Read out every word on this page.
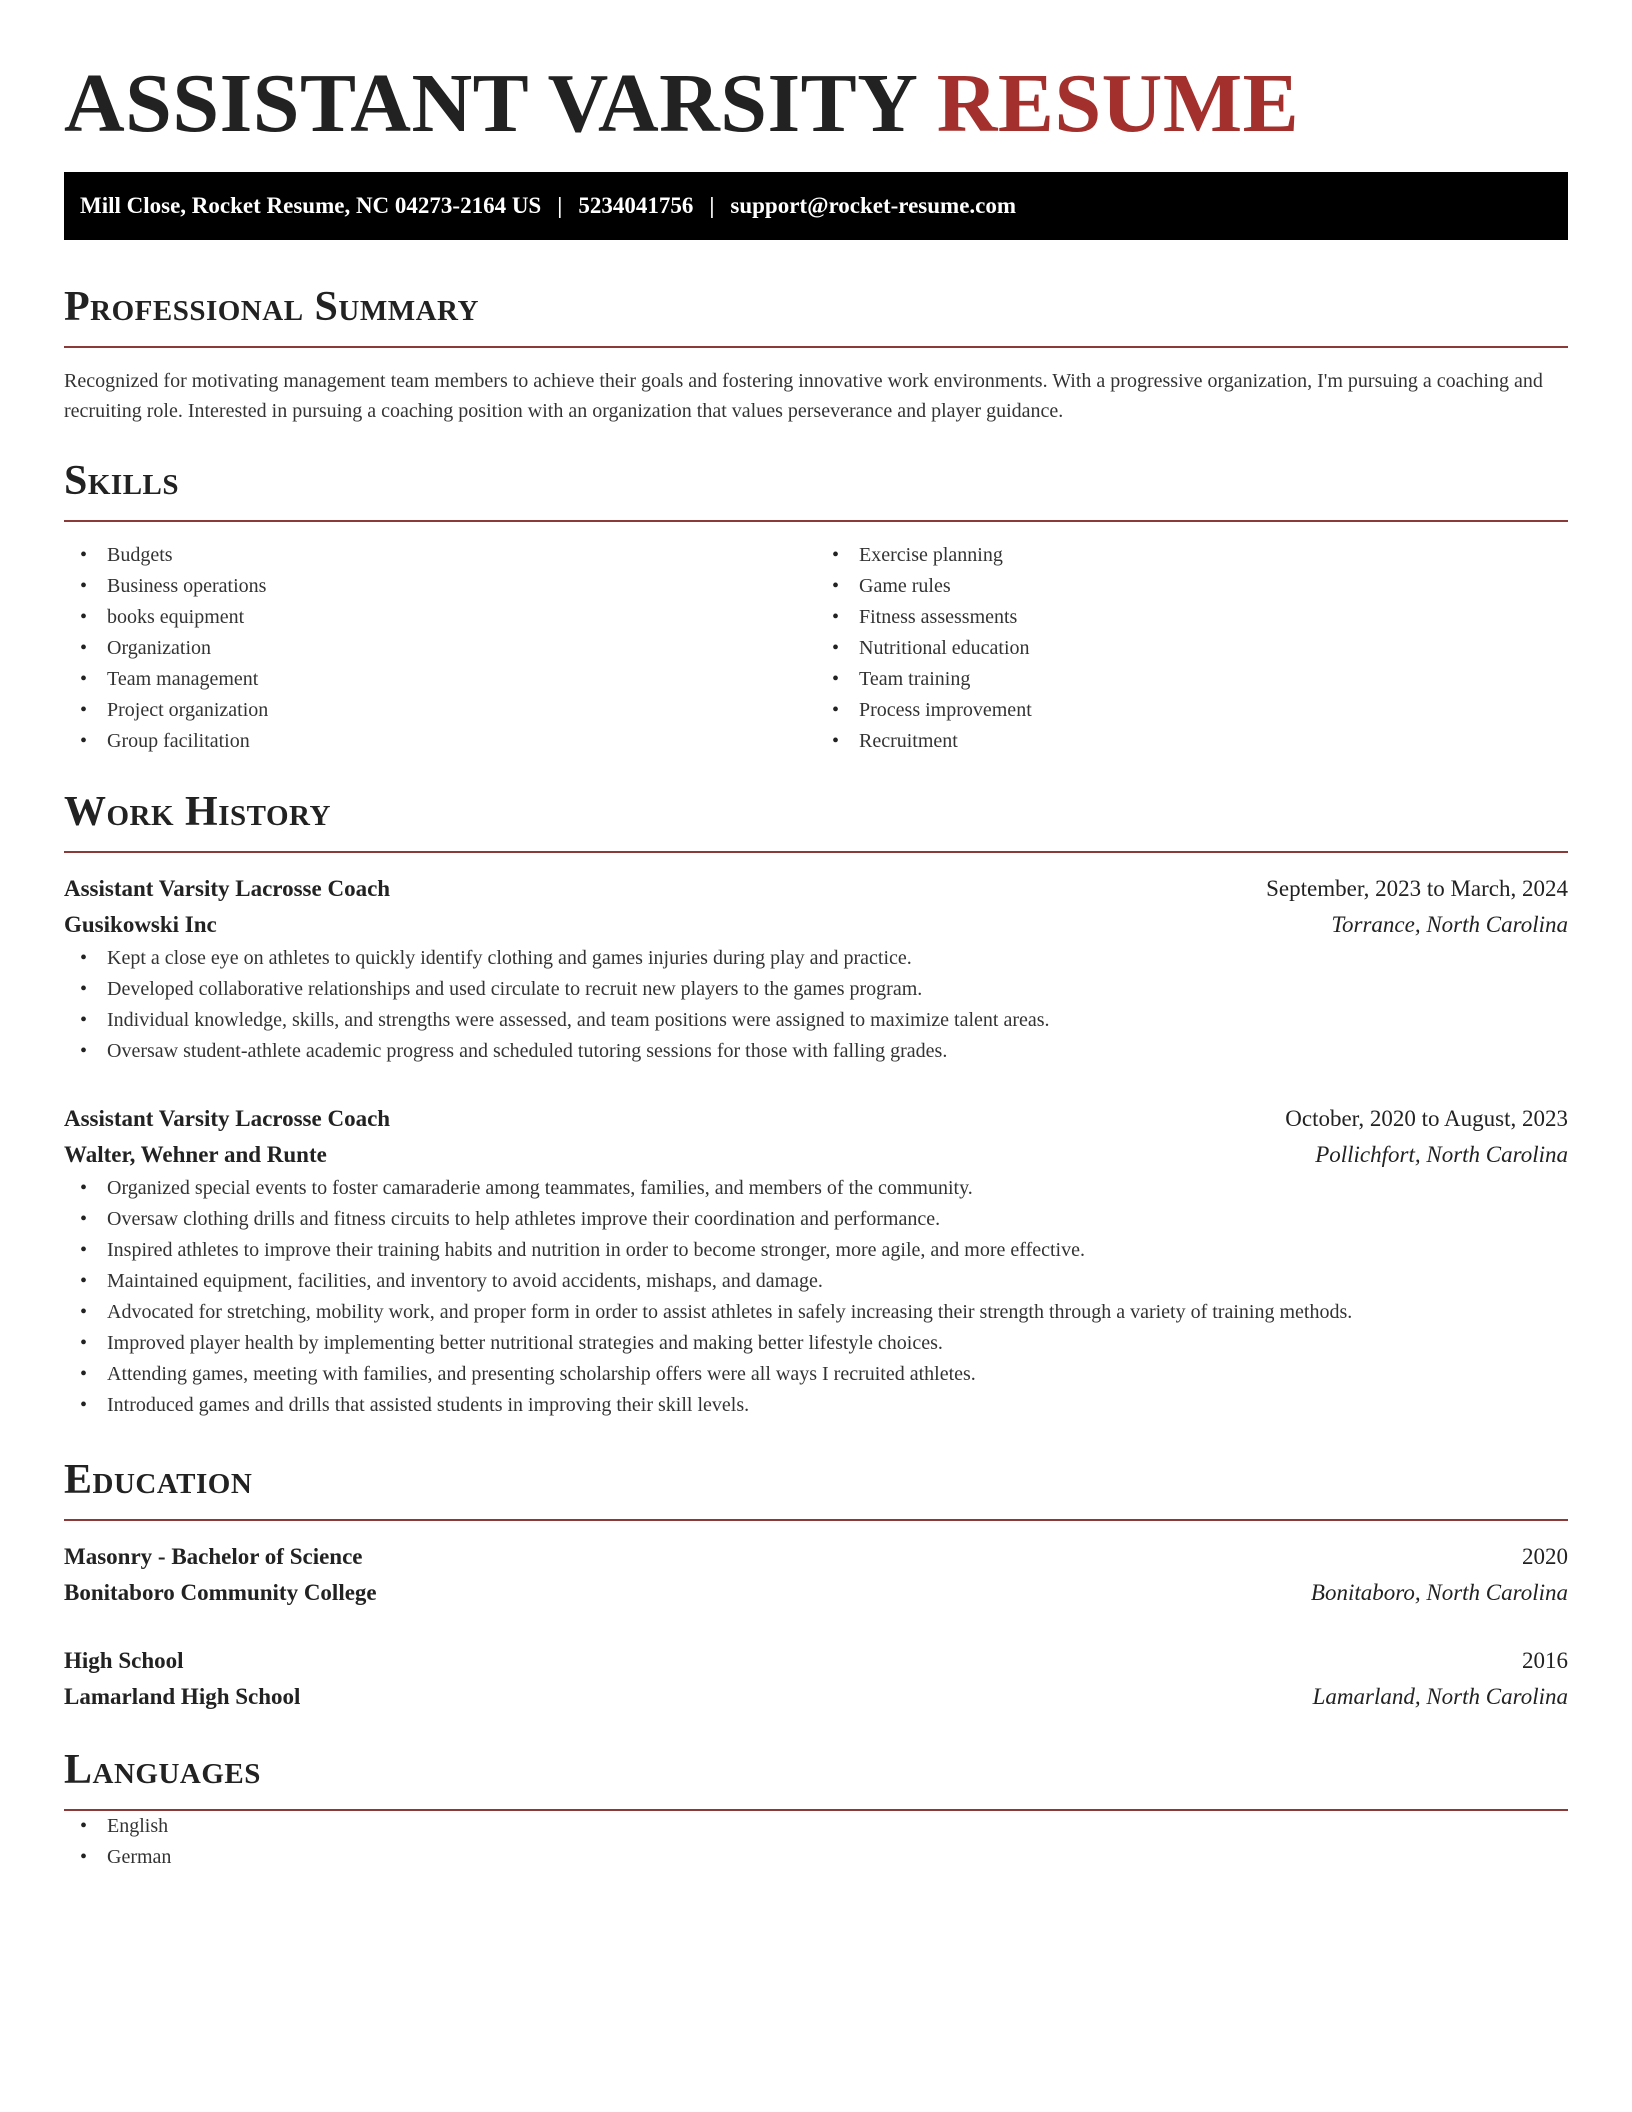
ASSISTANT VARSITY RESUME
Mill Close, Rocket Resume, NC 04273-2164 US | 5234041756 | support@rocket-resume.com
Professional Summary

Recognized for motivating management team members to achieve their goals and fostering innovative work environments. With a progressive organization, I'm pursuing a coaching and recruiting role. Interested in pursuing a coaching position with an organization that values perseverance and player guidance.

Skills
• Budgets
• Business operations
• books equipment
• Organization
• Team management
• Project organization
• Group facilitation
• Exercise planning
• Game rules
• Fitness assessments
• Nutritional education
• Team training
• Process improvement
• Recruitment
Work History
Assistant Varsity Lacrosse Coach	September, 2023 to March, 2024
Gusikowski Inc	Torrance, North Carolina
• Kept a close eye on athletes to quickly identify clothing and games injuries during play and practice.
• Developed collaborative relationships and used circulate to recruit new players to the games program.
• Individual knowledge, skills, and strengths were assessed, and team positions were assigned to maximize talent areas.
• Oversaw student-athlete academic progress and scheduled tutoring sessions for those with falling grades.
Assistant Varsity Lacrosse Coach	October, 2020 to August, 2023
Walter, Wehner and Runte	Pollichfort, North Carolina
• Organized special events to foster camaraderie among teammates, families, and members of the community.
• Oversaw clothing drills and fitness circuits to help athletes improve their coordination and performance.
• Inspired athletes to improve their training habits and nutrition in order to become stronger, more agile, and more effective.
• Maintained equipment, facilities, and inventory to avoid accidents, mishaps, and damage.
• Advocated for stretching, mobility work, and proper form in order to assist athletes in safely increasing their strength through a variety of training methods.
• Improved player health by implementing better nutritional strategies and making better lifestyle choices.
• Attending games, meeting with families, and presenting scholarship offers were all ways I recruited athletes.
• Introduced games and drills that assisted students in improving their skill levels.
Education
Masonry - Bachelor of Science	2020
Bonitaboro Community College	Bonitaboro, North Carolina
High School	2016
Lamarland High School	Lamarland, North Carolina
Languages
• English
• German
